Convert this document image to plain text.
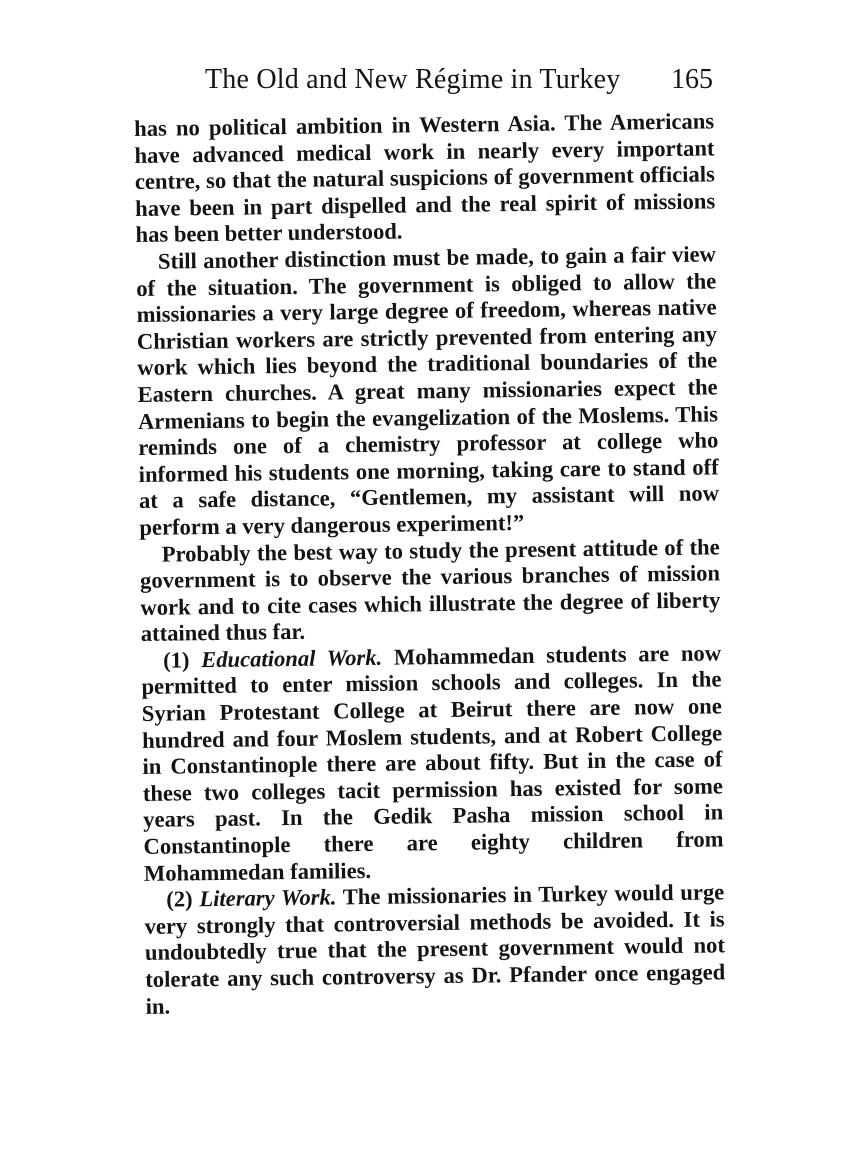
The Old and New Régime in Turkey 165

has no political ambition in Western Asia. The Americans have advanced medical work in nearly every important centre, so that the natural suspicions of government officials have been in part dispelled and the real spirit of missions has been better understood.

Still another distinction must be made, to gain a fair view of the situation. The government is obliged to allow the missionaries a very large degree of freedom, whereas native Christian workers are strictly prevented from entering any work which lies beyond the traditional boundaries of the Eastern churches. A great many missionaries expect the Armenians to begin the evangelization of the Moslems. This reminds one of a chemistry professor at college who informed his students one morning, taking care to stand off at a safe distance, “Gentlemen, my assistant will now perform a very dangerous experiment!”

Probably the best way to study the present attitude of the government is to observe the various branches of mission work and to cite cases which illustrate the degree of liberty attained thus far.

(1) Educational Work. Mohammedan students are now permitted to enter mission schools and colleges. In the Syrian Protestant College at Beirut there are now one hundred and four Moslem students, and at Robert College in Constantinople there are about fifty. But in the case of these two colleges tacit permission has existed for some years past. In the Gedik Pasha mission school in Constantinople there are eighty children from Mohammedan families.

(2) Literary Work. The missionaries in Turkey would urge very strongly that controversial methods be avoided. It is undoubtedly true that the present government would not tolerate any such controversy as Dr. Pfander once engaged in.
